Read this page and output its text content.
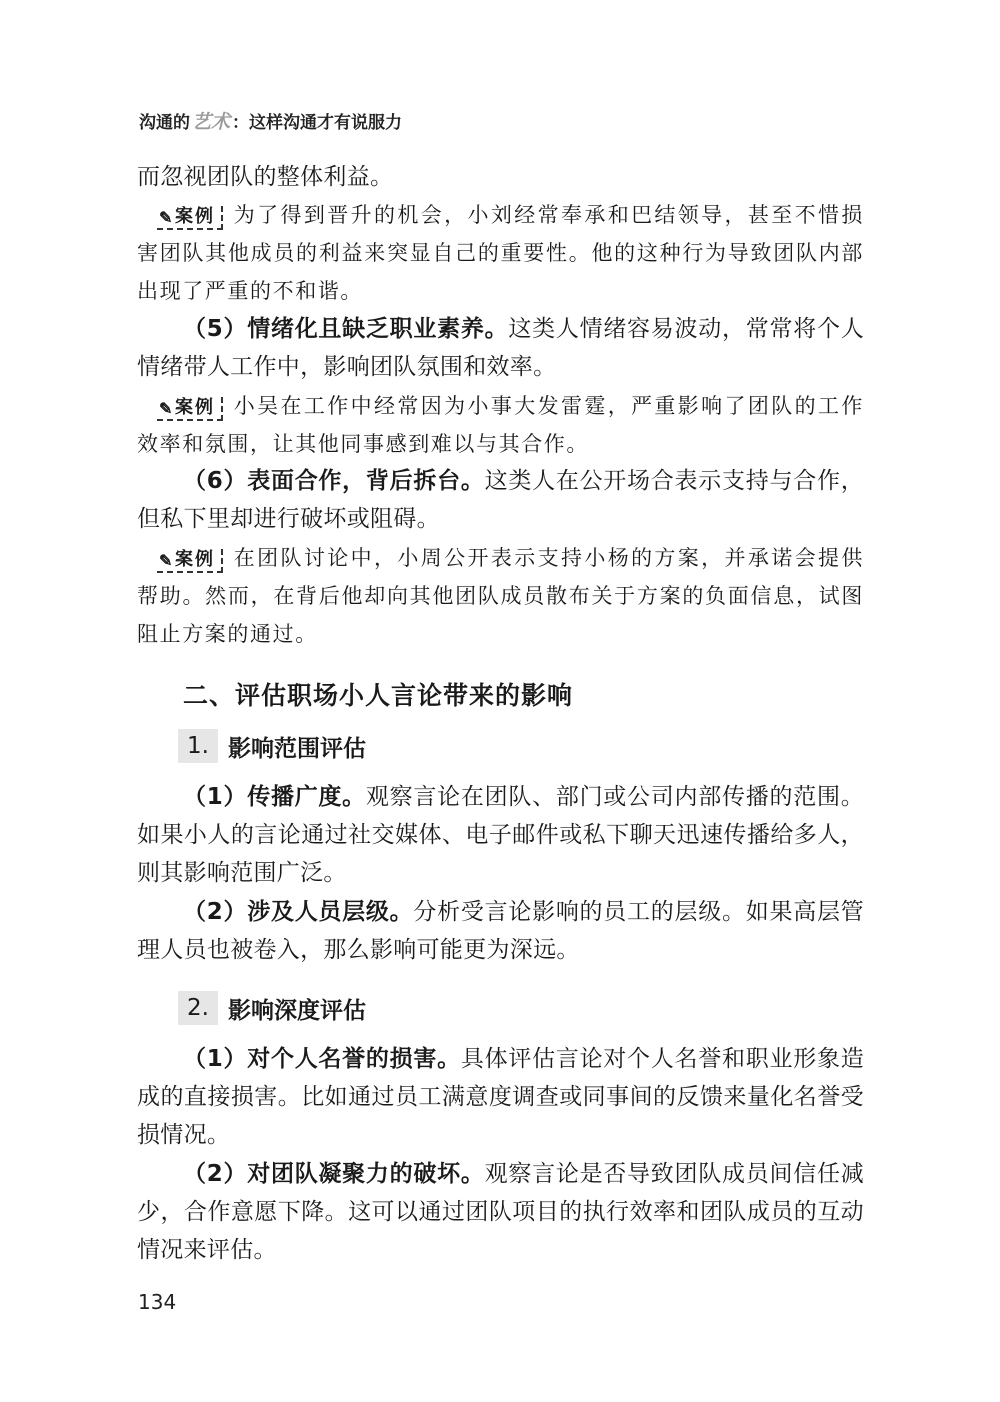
沟通的 艺术 ：这样沟通才有说服力
而忽视团队的整体利益。
✎ 案例 为了得到晋升的机会，小刘经常奉承和巴结领导，甚至不惜损害团队其他成员的利益来突显自己的重要性。他的这种行为导致团队内部出现了严重的不和谐。
（5）情绪化且缺乏职业素养。这类人情绪容易波动，常常将个人情绪带人工作中，影响团队氛围和效率。
✎ 案例 小吴在工作中经常因为小事大发雷霆，严重影响了团队的工作效率和氛围，让其他同事感到难以与其合作。
（6）表面合作，背后拆台。这类人在公开场合表示支持与合作，但私下里却进行破坏或阻碍。
✎ 案例 在团队讨论中，小周公开表示支持小杨的方案，并承诺会提供帮助。然而，在背后他却向其他团队成员散布关于方案的负面信息，试图阻止方案的通过。
二、评估职场小人言论带来的影响
1. 影响范围评估
（1）传播广度。观察言论在团队、部门或公司内部传播的范围。如果小人的言论通过社交媒体、电子邮件或私下聊天迅速传播给多人，则其影响范围广泛。
（2）涉及人员层级。分析受言论影响的员工的层级。如果高层管理人员也被卷入，那么影响可能更为深远。
2. 影响深度评估
（1）对个人名誉的损害。具体评估言论对个人名誉和职业形象造成的直接损害。比如通过员工满意度调查或同事间的反馈来量化名誉受损情况。
（2）对团队凝聚力的破坏。观察言论是否导致团队成员间信任减少，合作意愿下降。这可以通过团队项目的执行效率和团队成员的互动情况来评估。
134
